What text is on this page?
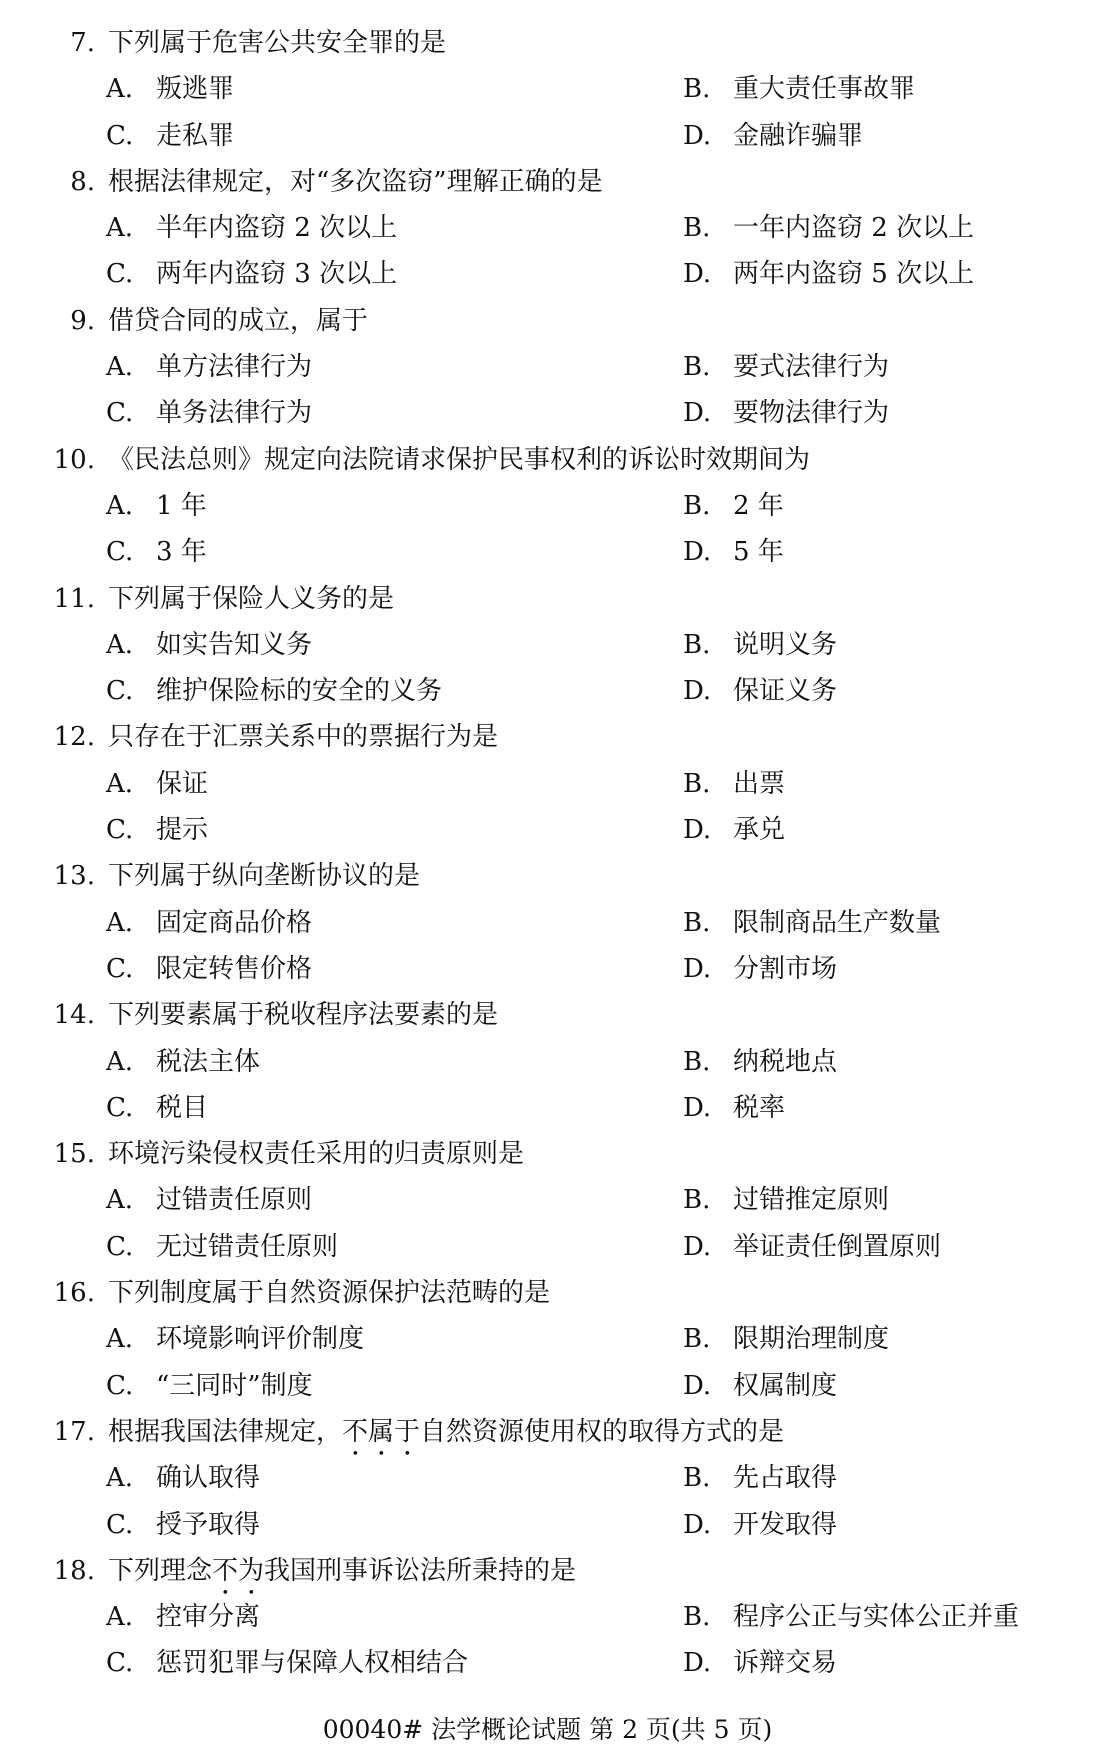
7. 下列属于危害公共安全罪的是
A. 叛逃罪	B. 重大责任事故罪
C. 走私罪	D. 金融诈骗罪
8. 根据法律规定，对“多次盗窃”理解正确的是
A. 半年内盗窃 2 次以上	B. 一年内盗窃 2 次以上
C. 两年内盗窃 3 次以上	D. 两年内盗窃 5 次以上
9. 借贷合同的成立，属于
A. 单方法律行为	B. 要式法律行为
C. 单务法律行为	D. 要物法律行为
10. 《民法总则》规定向法院请求保护民事权利的诉讼时效期间为
A. 1 年	B. 2 年
C. 3 年	D. 5 年
11. 下列属于保险人义务的是
A. 如实告知义务	B. 说明义务
C. 维护保险标的安全的义务	D. 保证义务
12. 只存在于汇票关系中的票据行为是
A. 保证	B. 出票
C. 提示	D. 承兑
13. 下列属于纵向垄断协议的是
A. 固定商品价格	B. 限制商品生产数量
C. 限定转售价格	D. 分割市场
14. 下列要素属于税收程序法要素的是
A. 税法主体	B. 纳税地点
C. 税目	D. 税率
15. 环境污染侵权责任采用的归责原则是
A. 过错责任原则	B. 过错推定原则
C. 无过错责任原则	D. 举证责任倒置原则
16. 下列制度属于自然资源保护法范畴的是
A. 环境影响评价制度	B. 限期治理制度
C. “三同时”制度	D. 权属制度
17. 根据我国法律规定，不属于自然资源使用权的取得方式的是
A. 确认取得	B. 先占取得
C. 授予取得	D. 开发取得
18. 下列理念不为我国刑事诉讼法所秉持的是
A. 控审分离	B. 程序公正与实体公正并重
C. 惩罚犯罪与保障人权相结合	D. 诉辩交易
00040# 法学概论试题 第 2 页(共 5 页)
